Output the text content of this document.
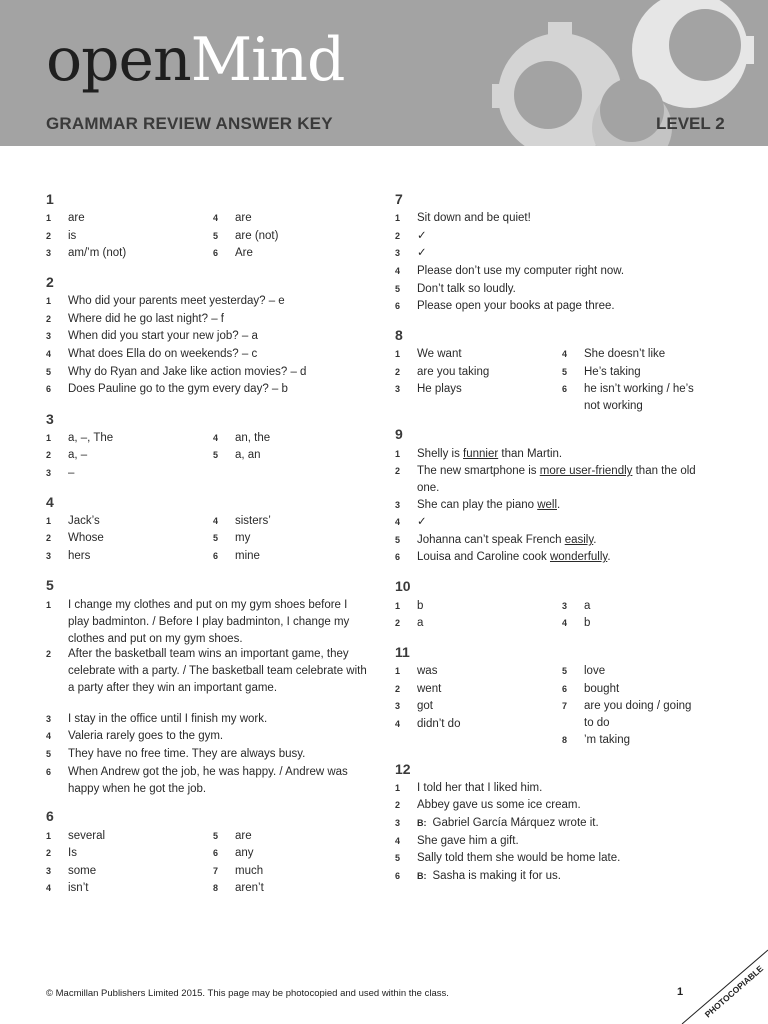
openMind
GRAMMAR REVIEW ANSWER KEY	LEVEL 2
1
1 are
2 is
3 am/’m (not)
4 are
5 are (not)
6 Are
2
1 Who did your parents meet yesterday? – e
2 Where did he go last night? – f
3 When did you start your new job? – a
4 What does Ella do on weekends? – c
5 Why do Ryan and Jake like action movies? – d
6 Does Pauline go to the gym every day? – b
3
1 a, –, The
2 a, –
3 –
4 an, the
5 a, an
4
1 Jack’s
2 Whose
3 hers
4 sisters’
5 my
6 mine
5
1 I change my clothes and put on my gym shoes before I play badminton. / Before I play badminton, I change my clothes and put on my gym shoes.
2 After the basketball team wins an important game, they celebrate with a party. / The basketball team celebrate with a party after they win an important game.
3 I stay in the office until I finish my work.
4 Valeria rarely goes to the gym.
5 They have no free time. They are always busy.
6 When Andrew got the job, he was happy. / Andrew was happy when he got the job.
6
1 several
2 Is
3 some
4 isn’t
5 are
6 any
7 much
8 aren’t
7
1 Sit down and be quiet!
2 ✓
3 ✓
4 Please don’t use my computer right now.
5 Don’t talk so loudly.
6 Please open your books at page three.
8
1 We want
2 are you taking
3 He plays
4 She doesn’t like
5 He’s taking
6 he isn’t working / he’s not working
9
1 Shelly is funnier than Martin.
2 The new smartphone is more user-friendly than the old one.
3 She can play the piano well.
4 ✓
5 Johanna can’t speak French easily.
6 Louisa and Caroline cook wonderfully.
10
1 b
2 a
3 a
4 b
11
1 was
2 went
3 got
4 didn’t do
5 love
6 bought
7 are you doing / going to do
8 ’m taking
12
1 I told her that I liked him.
2 Abbey gave us some ice cream.
3 B: Gabriel García Márquez wrote it.
4 She gave him a gift.
5 Sally told them she would be home late.
6 B: Sasha is making it for us.
© Macmillan Publishers Limited 2015. This page may be photocopied and used within the class.	1 PHOTOCOPIABLE
